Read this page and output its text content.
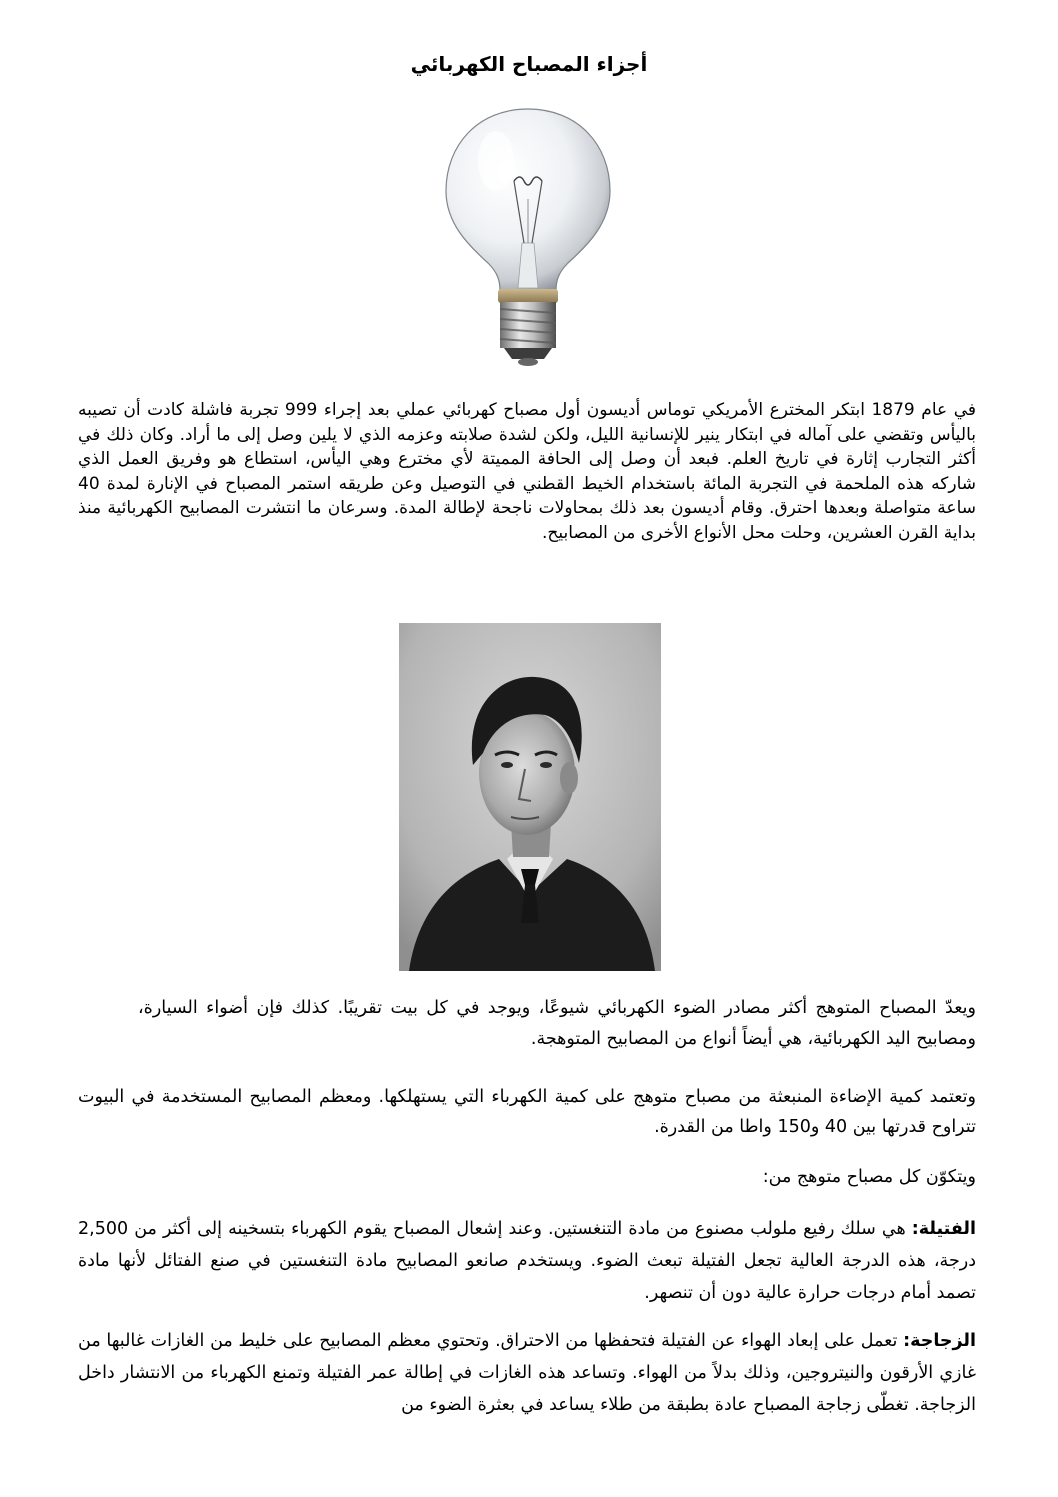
أجزاء المصباح الكهربائي

في عام 1879 ابتكر المخترع الأمريكي توماس أديسون أول مصباح كهربائي عملي بعد إجراء 999 تجربة فاشلة كادت أن تصيبه باليأس وتقضي على آماله في ابتكار ينير للإنسانية الليل، ولكن لشدة صلابته وعزمه الذي لا يلين وصل إلى ما أراد. وكان ذلك في أكثر التجارب إثارة في تاريخ العلم. فبعد أن وصل إلى الحافة المميتة لأي مخترع وهي اليأس، استطاع هو وفريق العمل الذي شاركه هذه الملحمة في التجربة المائة باستخدام الخيط القطني في التوصيل وعن طريقه استمر المصباح في الإنارة لمدة 40 ساعة متواصلة وبعدها احترق. وقام أديسون بعد ذلك بمحاولات ناجحة لإطالة المدة. وسرعان ما انتشرت المصابيح الكهربائية منذ بداية القرن العشرين، وحلت محل الأنواع الأخرى من المصابيح.

ويعدّ المصباح المتوهج أكثر مصادر الضوء الكهربائي شيوعًا، ويوجد في كل بيت تقريبًا. كذلك فإن أضواء السيارة، ومصابيح اليد الكهربائية، هي أيضاً أنواع من المصابيح المتوهجة.

وتعتمد كمية الإضاءة المنبعثة من مصباح متوهج على كمية الكهرباء التي يستهلكها. ومعظم المصابيح المستخدمة في البيوت تتراوح قدرتها بين 40 و150 واطا من القدرة.

ويتكوّن كل مصباح متوهج من:

الفتيلة: هي سلك رفيع ملولب مصنوع من مادة التنغستين. وعند إشعال المصباح يقوم الكهرباء بتسخينه إلى أكثر من 2,500 درجة، هذه الدرجة العالية تجعل الفتيلة تبعث الضوء. ويستخدم صانعو المصابيح مادة التنغستين في صنع الفتائل لأنها مادة تصمد أمام درجات حرارة عالية دون أن تنصهر.

الزجاجة: تعمل على إبعاد الهواء عن الفتيلة فتحفظها من الاحتراق. وتحتوي معظم المصابيح على خليط من الغازات غالبها من غازي الأرقون والنيتروجين، وذلك بدلاً من الهواء. وتساعد هذه الغازات في إطالة عمر الفتيلة وتمنع الكهرباء من الانتشار داخل الزجاجة. تغطّى زجاجة المصباح عادة بطبقة من طلاء يساعد في بعثرة الضوء من
